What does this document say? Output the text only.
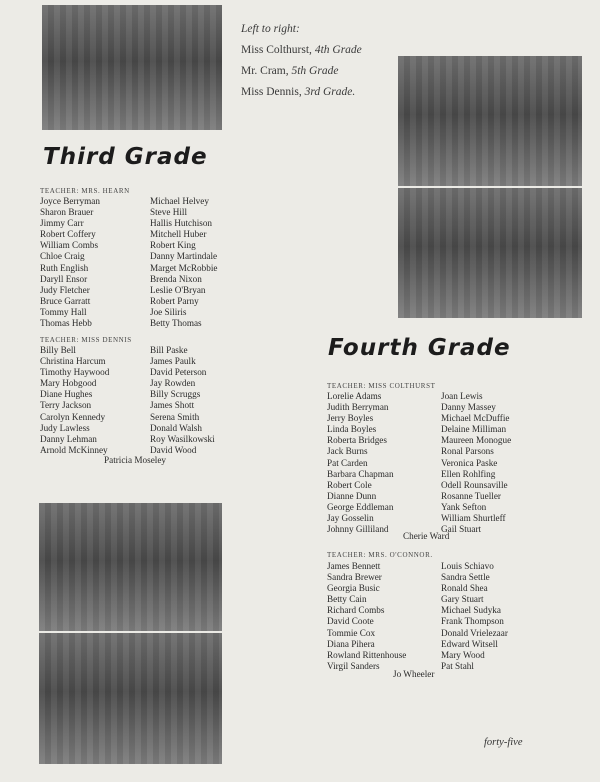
Left to right:
Miss Colthurst, 4th Grade
Mr. Cram, 5th Grade
Miss Dennis, 3rd Grade.
Third Grade
TEACHER: MRS. HEARN
Joyce Berryman
Sharon Brauer
Jimmy Carr
Robert Coffery
William Combs
Chloe Craig
Ruth English
Daryll Ensor
Judy Fletcher
Bruce Garratt
Tommy Hall
Thomas Hebb
Michael Helvey
Steve Hill
Hallis Hutchison
Mitchell Huber
Robert King
Danny Martindale
Marget McRobbie
Brenda Nixon
Leslie O'Bryan
Robert Parny
Joe Siliris
Betty Thomas
TEACHER: MISS DENNIS
Billy Bell
Christina Harcum
Timothy Haywood
Mary Hobgood
Diane Hughes
Terry Jackson
Carolyn Kennedy
Judy Lawless
Danny Lehman
Arnold McKinney
Bill Paske
James Paulk
David Peterson
Jay Rowden
Billy Scruggs
James Shott
Serena Smith
Donald Walsh
Roy Wasilkowski
David Wood
Patricia Moseley
Fourth Grade
TEACHER: MISS COLTHURST
Lorelie Adams
Judith Berryman
Jerry Boyles
Linda Boyles
Roberta Bridges
Jack Burns
Pat Carden
Barbara Chapman
Robert Cole
Dianne Dunn
George Eddleman
Jay Gosselin
Johnny Gilliland
Joan Lewis
Danny Massey
Michael McDuffie
Delaine Milliman
Maureen Monogue
Ronal Parsons
Veronica Paske
Ellen Rohlfing
Odell Rounsaville
Rosanne Tueller
Yank Sefton
William Shurtleff
Gail Stuart
Cherie Ward
TEACHER: MRS. O'CONNOR.
James Bennett
Sandra Brewer
Georgia Busic
Betty Cain
Richard Combs
David Coote
Tommie Cox
Diana Pihera
Rowland Rittenhouse
Virgil Sanders
Louis Schiavo
Sandra Settle
Ronald Shea
Gary Stuart
Michael Sudyka
Frank Thompson
Donald Vrielezaar
Edward Witsell
Mary Wood
Pat Stahl
Jo Wheeler
forty-five
